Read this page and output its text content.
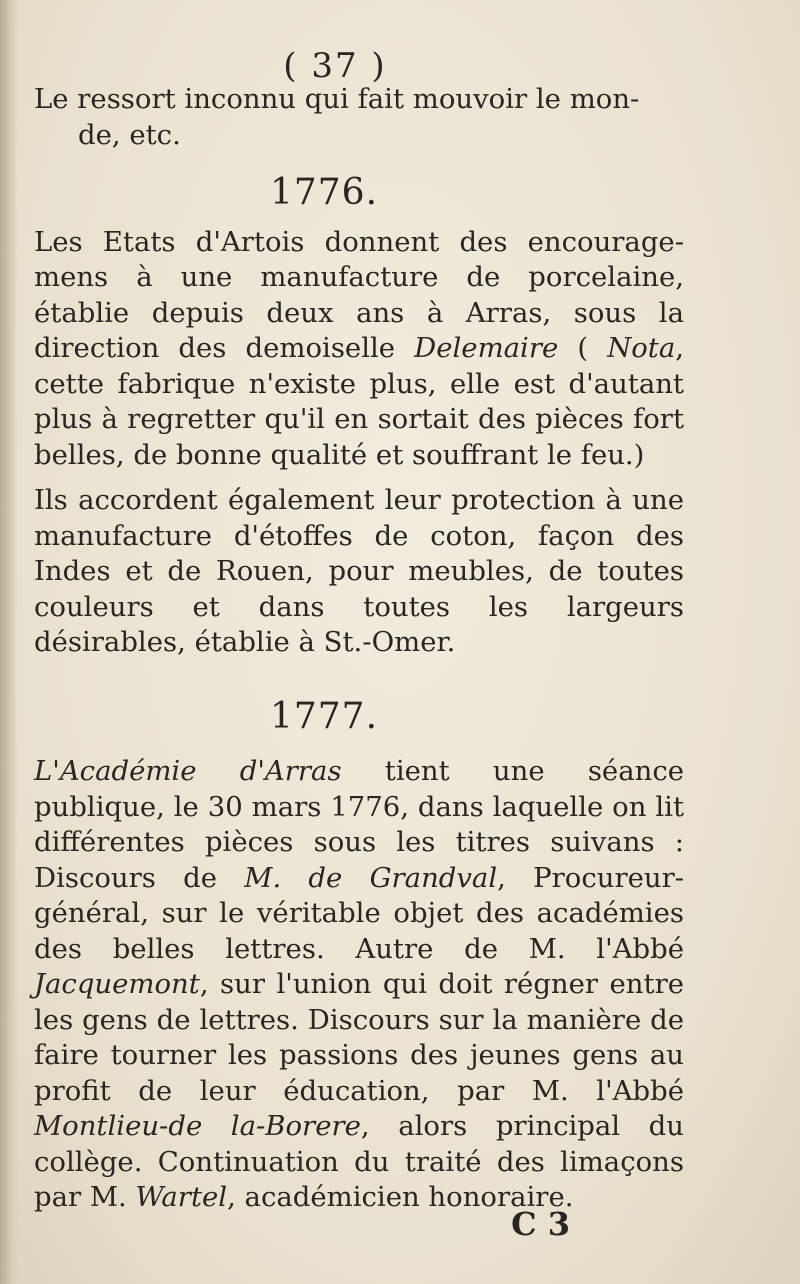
( 37 )

Le ressort inconnu qui fait mouvoir le mon-
de, etc.

1776.

Les Etats d'Artois donnent des encourage-mens à une manufacture de porcelaine, établie depuis deux ans à Arras, sous la direction des demoiselle Delemaire ( Nota, cette fabrique n'existe plus, elle est d'autant plus à regretter qu'il en sortait des pièces fort belles, de bonne qualité et souffrant le feu.)

Ils accordent également leur protection à une manufacture d'étoffes de coton, façon des Indes et de Rouen, pour meubles, de toutes couleurs et dans toutes les largeurs désirables, établie à St.-Omer.

1777.

L'Académie d'Arras tient une séance publique, le 30 mars 1776, dans laquelle on lit différentes pièces sous les titres suivans : Discours de M. de Grandval, Procureur-général, sur le véritable objet des académies des belles lettres. Autre de M. l'Abbé Jacquemont, sur l'union qui doit régner entre les gens de lettres. Discours sur la manière de faire tourner les passions des jeunes gens au profit de leur éducation, par M. l'Abbé Montlieu-de la-Borere, alors principal du collège. Continuation du traité des limaçons par M. Wartel, académicien honoraire.

C 3
